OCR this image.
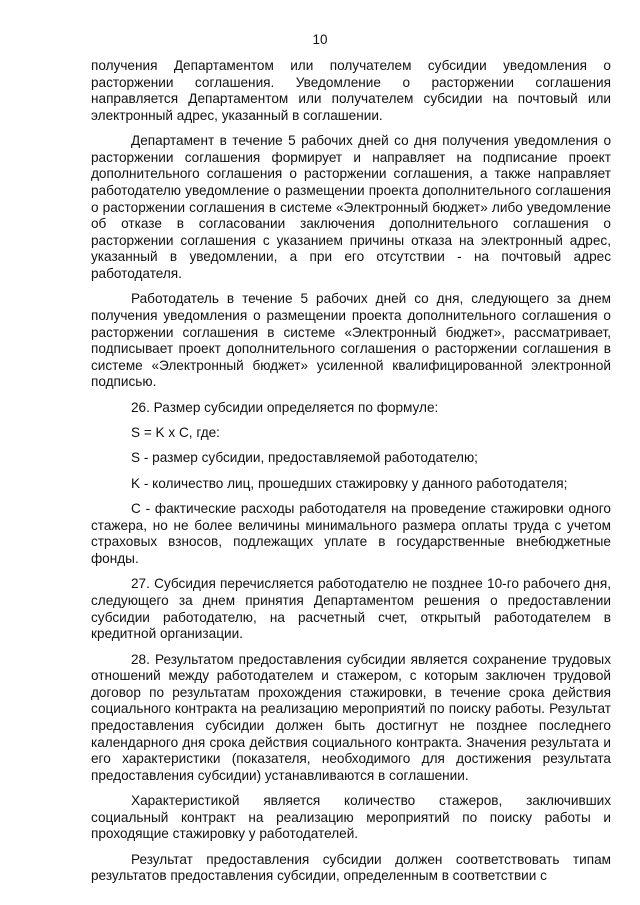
10

получения Департаментом или получателем субсидии уведомления о расторжении соглашения. Уведомление о расторжении соглашения направляется Департаментом или получателем субсидии на почтовый или электронный адрес, указанный в соглашении.

Департамент в течение 5 рабочих дней со дня получения уведомления о расторжении соглашения формирует и направляет на подписание проект дополнительного соглашения о расторжении соглашения, а также направляет работодателю уведомление о размещении проекта дополнительного соглашения о расторжении соглашения в системе «Электронный бюджет» либо уведомление об отказе в согласовании заключения дополнительного соглашения о расторжении соглашения с указанием причины отказа на электронный адрес, указанный в уведомлении, а при его отсутствии - на почтовый адрес работодателя.

Работодатель в течение 5 рабочих дней со дня, следующего за днем получения уведомления о размещении проекта дополнительного соглашения о расторжении соглашения в системе «Электронный бюджет», рассматривает, подписывает проект дополнительного соглашения о расторжении соглашения в системе «Электронный бюджет» усиленной квалифицированной электронной подписью.

26. Размер субсидии определяется по формуле:

S = K x C, где:

S - размер субсидии, предоставляемой работодателю;

K - количество лиц, прошедших стажировку у данного работодателя;

C - фактические расходы работодателя на проведение стажировки одного стажера, но не более величины минимального размера оплаты труда с учетом страховых взносов, подлежащих уплате в государственные внебюджетные фонды.

27. Субсидия перечисляется работодателю не позднее 10-го рабочего дня, следующего за днем принятия Департаментом решения о предоставлении субсидии работодателю, на расчетный счет, открытый работодателем в кредитной организации.

28. Результатом предоставления субсидии является сохранение трудовых отношений между работодателем и стажером, с которым заключен трудовой договор по результатам прохождения стажировки, в течение срока действия социального контракта на реализацию мероприятий по поиску работы. Результат предоставления субсидии должен быть достигнут не позднее последнего календарного дня срока действия социального контракта. Значения результата и его характеристики (показателя, необходимого для достижения результата предоставления субсидии) устанавливаются в соглашении.

Характеристикой является количество стажеров, заключивших социальный контракт на реализацию мероприятий по поиску работы и проходящие стажировку у работодателей.

Результат предоставления субсидии должен соответствовать типам результатов предоставления субсидии, определенным в соответствии с
